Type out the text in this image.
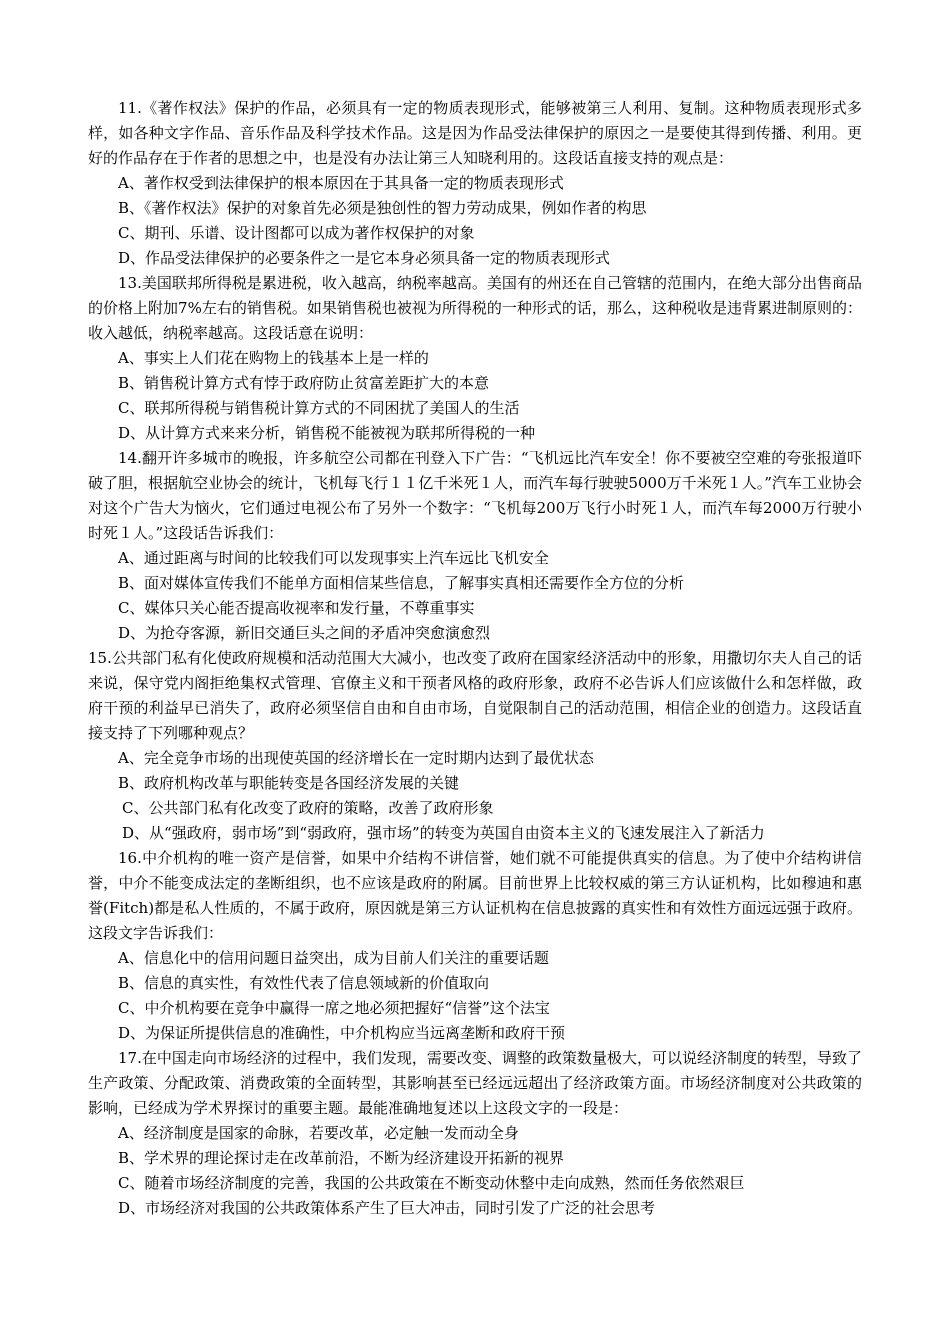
11.《著作权法》保护的作品，必须具有一定的物质表现形式，能够被第三人利用、复制。这种物质表现形式多样，如各种文字作品、音乐作品及科学技术作品。这是因为作品受法律保护的原因之一是要使其得到传播、利用。更好的作品存在于作者的思想之中，也是没有办法让第三人知晓利用的。这段话直接支持的观点是：

A、著作权受到法律保护的根本原因在于其具备一定的物质表现形式

B、《著作权法》保护的对象首先必须是独创性的智力劳动成果，例如作者的构思

C、期刊、乐谱、设计图都可以成为著作权保护的对象

D、作品受法律保护的必要条件之一是它本身必须具备一定的物质表现形式

13.美国联邦所得税是累进税，收入越高，纳税率越高。美国有的州还在自己管辖的范围内，在绝大部分出售商品的价格上附加7%左右的销售税。如果销售税也被视为所得税的一种形式的话，那么，这种税收是违背累进制原则的：收入越低，纳税率越高。这段话意在说明：

A、事实上人们花在购物上的钱基本上是一样的

B、销售税计算方式有悖于政府防止贫富差距扩大的本意

C、联邦所得税与销售税计算方式的不同困扰了美国人的生活

D、从计算方式来来分析，销售税不能被视为联邦所得税的一种

14.翻开许多城市的晚报，许多航空公司都在刊登入下广告：“飞机远比汽车安全！你不要被空空难的夸张报道吓破了胆，根据航空业协会的统计，飞机每飞行１１亿千米死１人，而汽车每行驶驶5000万千米死１人。”汽车工业协会对这个广告大为恼火，它们通过电视公布了另外一个数字：“飞机每200万飞行小时死１人，而汽车每2000万行驶小时死１人。”这段话告诉我们：

A、通过距离与时间的比较我们可以发现事实上汽车远比飞机安全

B、面对媒体宣传我们不能单方面相信某些信息，了解事实真相还需要作全方位的分析

C、媒体只关心能否提高收视率和发行量，不尊重事实

D、为抢夺客源，新旧交通巨头之间的矛盾冲突愈演愈烈

15.公共部门私有化使政府规模和活动范围大大减小，也改变了政府在国家经济活动中的形象，用撒切尔夫人自己的话来说，保守党内阁拒绝集权式管理、官僚主义和干预者风格的政府形象，政府不必告诉人们应该做什么和怎样做，政府干预的利益早已消失了，政府必须坚信自由和自由市场，自觉限制自己的活动范围，相信企业的创造力。这段话直接支持了下列哪种观点？

A、完全竞争市场的出现使英国的经济增长在一定时期内达到了最优状态

B、政府机构改革与职能转变是各国经济发展的关键

C、公共部门私有化改变了政府的策略，改善了政府形象

D、从“强政府，弱市场”到“弱政府，强市场”的转变为英国自由资本主义的飞速发展注入了新活力

16.中介机构的唯一资产是信誉，如果中介结构不讲信誉，她们就不可能提供真实的信息。为了使中介结构讲信誉，中介不能变成法定的垄断组织，也不应该是政府的附属。目前世界上比较权威的第三方认证机构，比如穆迪和惠誉(Fitch)都是私人性质的，不属于政府，原因就是第三方认证机构在信息披露的真实性和有效性方面远远强于政府。这段文字告诉我们：

A、信息化中的信用问题日益突出，成为目前人们关注的重要话题

B、信息的真实性，有效性代表了信息领域新的价值取向

C、中介机构要在竞争中赢得一席之地必须把握好“信誉”这个法宝

D、为保证所提供信息的准确性，中介机构应当远离垄断和政府干预

17.在中国走向市场经济的过程中，我们发现，需要改变、调整的政策数量极大，可以说经济制度的转型，导致了生产政策、分配政策、消费政策的全面转型，其影响甚至已经远远超出了经济政策方面。市场经济制度对公共政策的影响，已经成为学术界探讨的重要主题。最能准确地复述以上这段文字的一段是：

A、经济制度是国家的命脉，若要改革，必定触一发而动全身

B、学术界的理论探讨走在改革前沿，不断为经济建设开拓新的视界

C、随着市场经济制度的完善，我国的公共政策在不断变动休整中走向成熟，然而任务依然艰巨

D、市场经济对我国的公共政策体系产生了巨大冲击，同时引发了广泛的社会思考
